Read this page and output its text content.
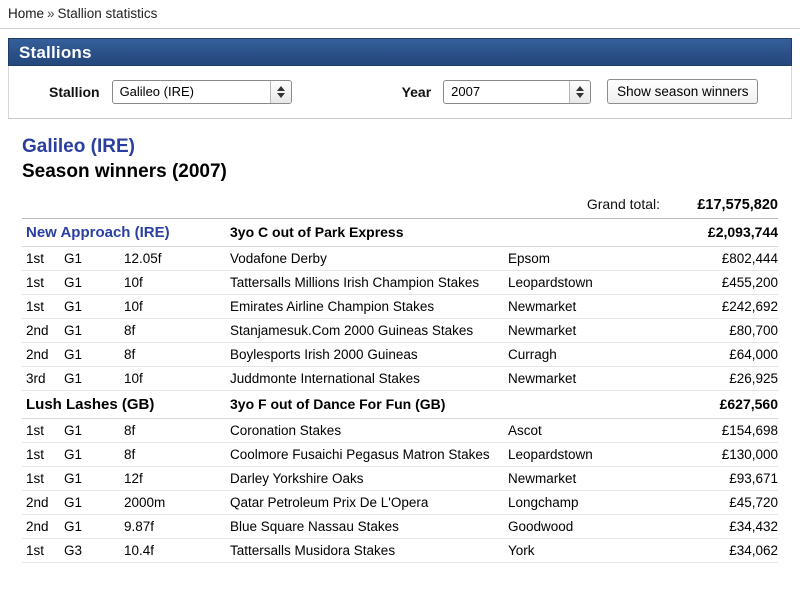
Home » Stallion statistics
Stallions
Stallion
Galileo (IRE)	Year
2007	Show season winners
Galileo (IRE)
Season winners (2007)
Grand total:	£17,575,820
New Approach (IRE)	3yo C out of Park Express	£2,093,744
1st	G1	12.05f	Vodafone Derby	Epsom	£802,444
1st	G1	10f	Tattersalls Millions Irish Champion Stakes	Leopardstown	£455,200
1st	G1	10f	Emirates Airline Champion Stakes	Newmarket	£242,692
2nd	G1	8f	Stanjamesuk.Com 2000 Guineas Stakes	Newmarket	£80,700
2nd	G1	8f	Boylesports Irish 2000 Guineas	Curragh	£64,000
3rd	G1	10f	Juddmonte International Stakes	Newmarket	£26,925
Lush Lashes (GB)	3yo F out of Dance For Fun (GB)	£627,560
1st	G1	8f	Coronation Stakes	Ascot	£154,698
1st	G1	8f	Coolmore Fusaichi Pegasus Matron Stakes	Leopardstown	£130,000
1st	G1	12f	Darley Yorkshire Oaks	Newmarket	£93,671
2nd	G1	2000m	Qatar Petroleum Prix De L'Opera	Longchamp	£45,720
2nd	G1	9.87f	Blue Square Nassau Stakes	Goodwood	£34,432
1st	G3	10.4f	Tattersalls Musidora Stakes	York	£34,062
